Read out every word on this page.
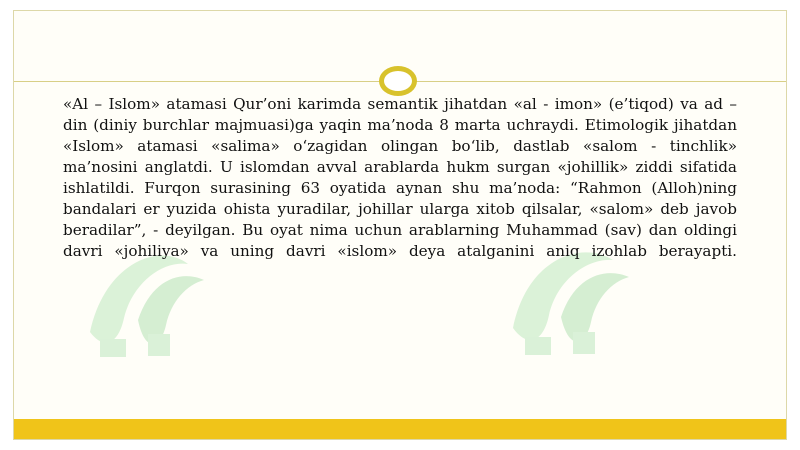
«Al – Islom» atamasi Qur’oni karimda semantik jihatdan «al - imon» (e’tiqod) va ad – din (diniy burchlar majmuasi)ga yaqin ma’noda 8 marta uchraydi. Etimologik jihatdan «Islom» atamasi «salima» o‘zagidan olingan bo‘lib, dastlab «salom - tinchlik» ma’nosini anglatdi. U islomdan avval arablarda hukm surgan «johillik» ziddi sifatida ishlatildi. Furqon surasining 63 oyatida aynan shu ma’noda: “Rahmon (Alloh)ning bandalari er yuzida ohista yuradilar, johillar ularga xitob qilsalar, «salom» deb javob beradilar”, - deyilgan. Bu oyat nima uchun arablarning Muhammad (sav) dan oldingi davri «johiliya» va uning davri «islom» deya atalganini aniq izohlab berayapti.
